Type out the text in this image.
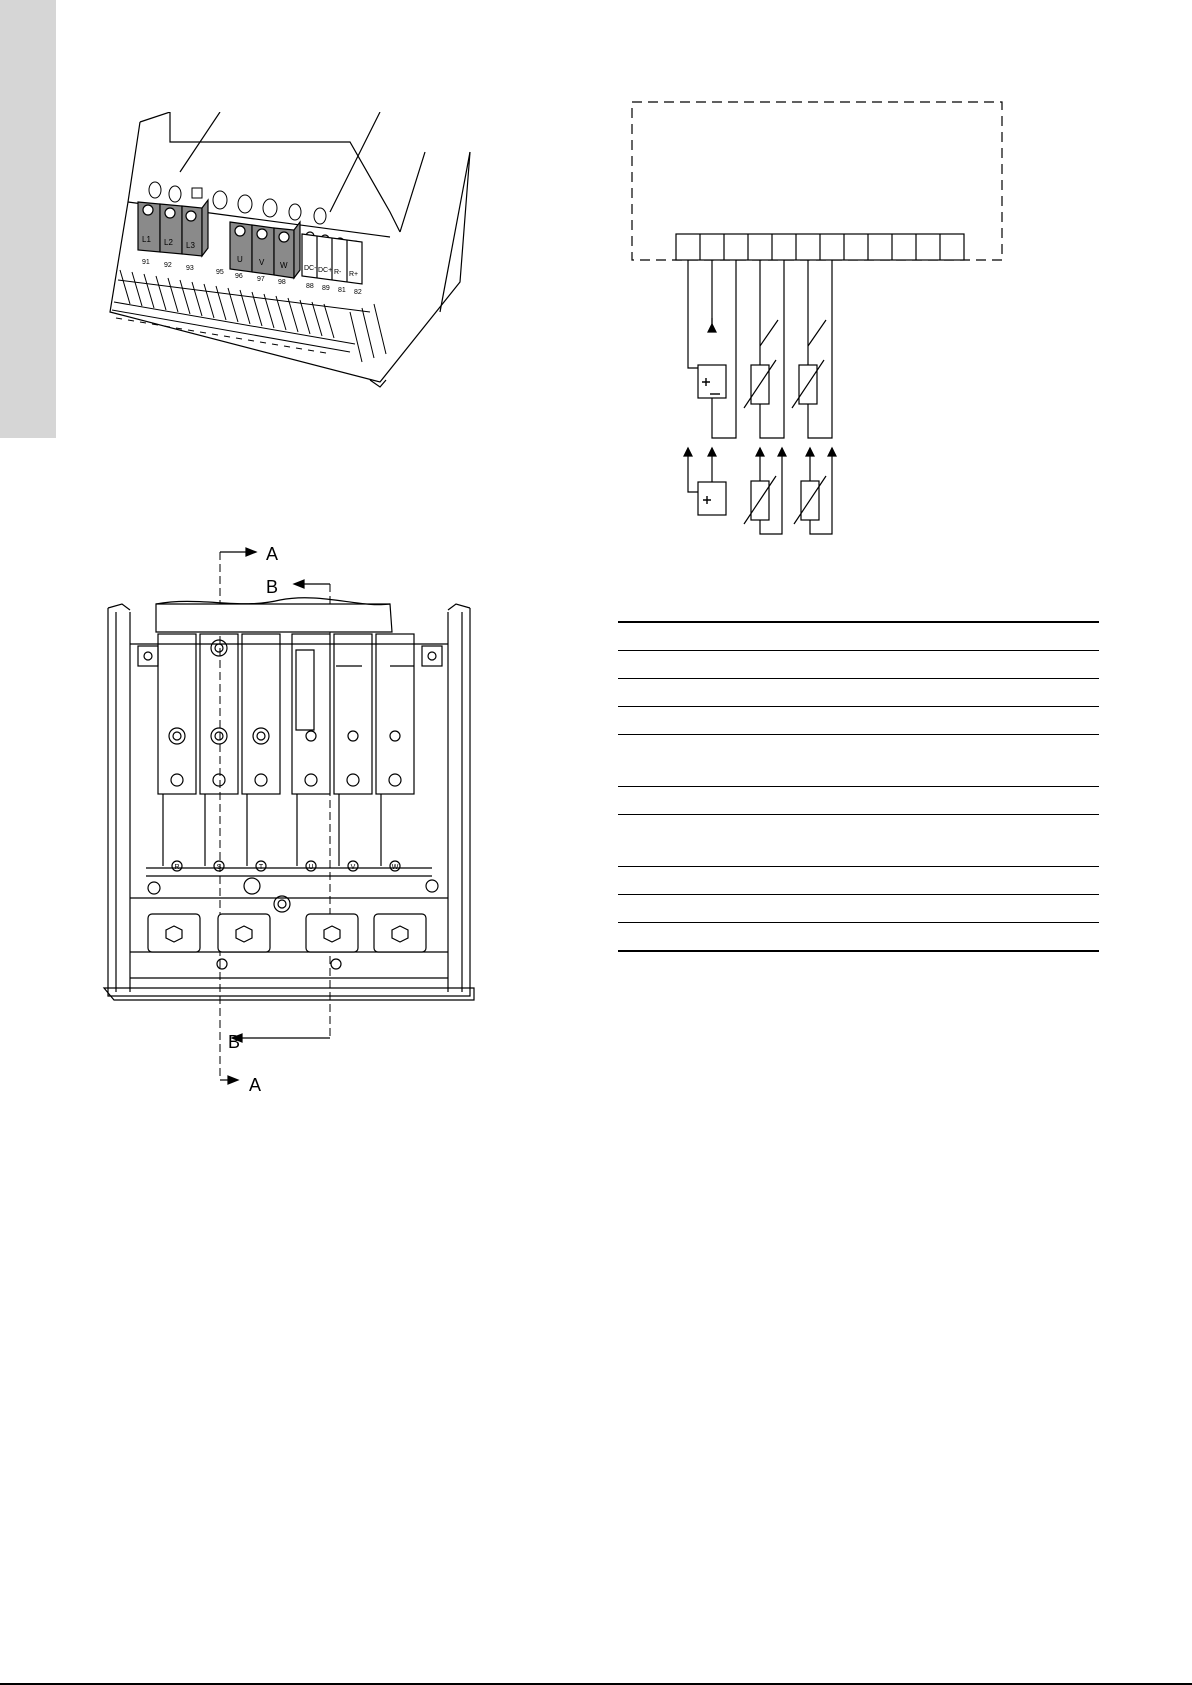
L1 L2 L3
U V W DC- DC+ R- R+
91 92 93
95
96 97 98
88 89 81 82
R	S	T	U	V	W
A
B
B
A
